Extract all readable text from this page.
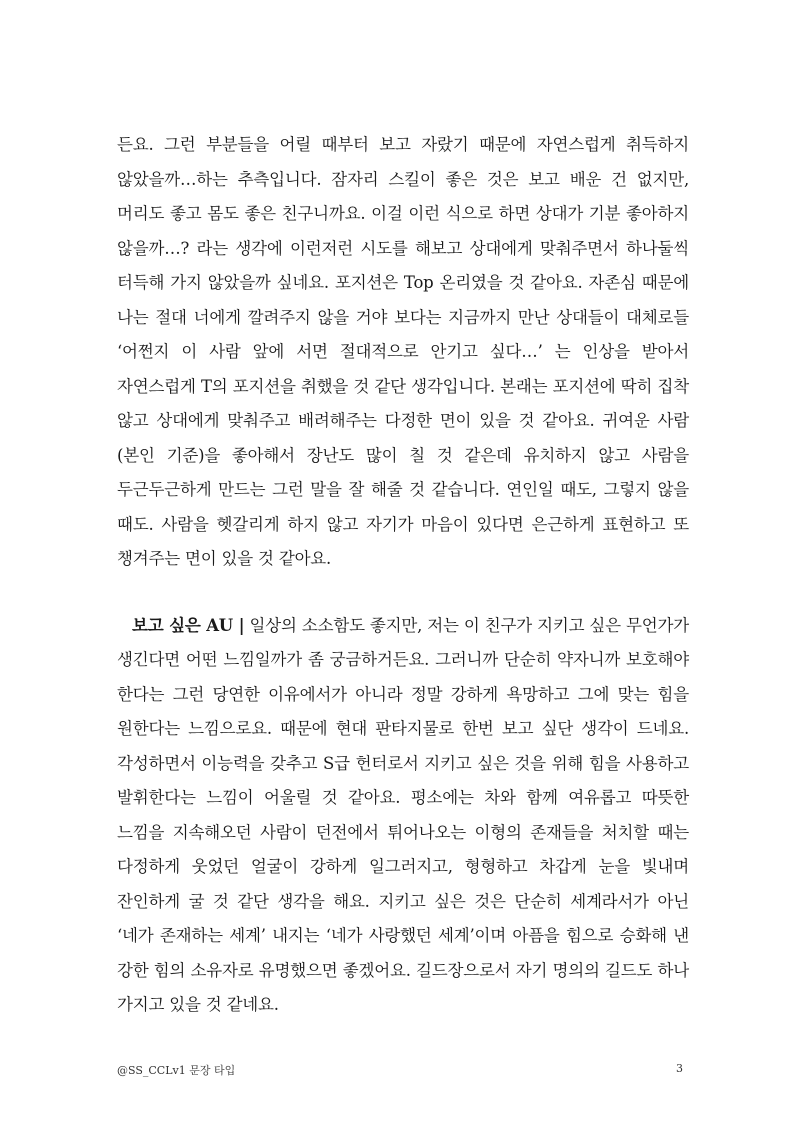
든요. 그런 부분들을 어릴 때부터 보고 자랐기 때문에 자연스럽게 취득하지 않았을까…하는 추측입니다. 잠자리 스킬이 좋은 것은 보고 배운 건 없지만, 머리도 좋고 몸도 좋은 친구니까요. 이걸 이런 식으로 하면 상대가 기분 좋아하지 않을까…? 라는 생각에 이런저런 시도를 해보고 상대에게 맞춰주면서 하나둘씩 터득해 가지 않았을까 싶네요. 포지션은 Top 온리였을 것 같아요. 자존심 때문에 나는 절대 너에게 깔려주지 않을 거야 보다는 지금까지 만난 상대들이 대체로들 ‘어쩐지 이 사람 앞에 서면 절대적으로 안기고 싶다…’ 는 인상을 받아서 자연스럽게 T의 포지션을 취했을 것 같단 생각입니다. 본래는 포지션에 딱히 집착 않고 상대에게 맞춰주고 배려해주는 다정한 면이 있을 것 같아요. 귀여운 사람(본인 기준)을 좋아해서 장난도 많이 칠 것 같은데 유치하지 않고 사람을 두근두근하게 만드는 그런 말을 잘 해줄 것 같습니다. 연인일 때도, 그렇지 않을 때도. 사람을 헷갈리게 하지 않고 자기가 마음이 있다면 은근하게 표현하고 또 챙겨주는 면이 있을 것 같아요.

보고 싶은 AU | 일상의 소소함도 좋지만, 저는 이 친구가 지키고 싶은 무언가가 생긴다면 어떤 느낌일까가 좀 궁금하거든요. 그러니까 단순히 약자니까 보호해야 한다는 그런 당연한 이유에서가 아니라 정말 강하게 욕망하고 그에 맞는 힘을 원한다는 느낌으로요. 때문에 현대 판타지물로 한번 보고 싶단 생각이 드네요. 각성하면서 이능력을 갖추고 S급 헌터로서 지키고 싶은 것을 위해 힘을 사용하고 발휘한다는 느낌이 어울릴 것 같아요. 평소에는 차와 함께 여유롭고 따뜻한 느낌을 지속해오던 사람이 던전에서 튀어나오는 이형의 존재들을 처치할 때는 다정하게 웃었던 얼굴이 강하게 일그러지고, 형형하고 차갑게 눈을 빛내며 잔인하게 굴 것 같단 생각을 해요. 지키고 싶은 것은 단순히 세계라서가 아닌 ‘네가 존재하는 세계’ 내지는 ‘네가 사랑했던 세계’이며 아픔을 힘으로 승화해 낸 강한 힘의 소유자로 유명했으면 좋겠어요. 길드장으로서 자기 명의의 길드도 하나 가지고 있을 것 같네요.

@SS_CCLv1 문장 타입	3
